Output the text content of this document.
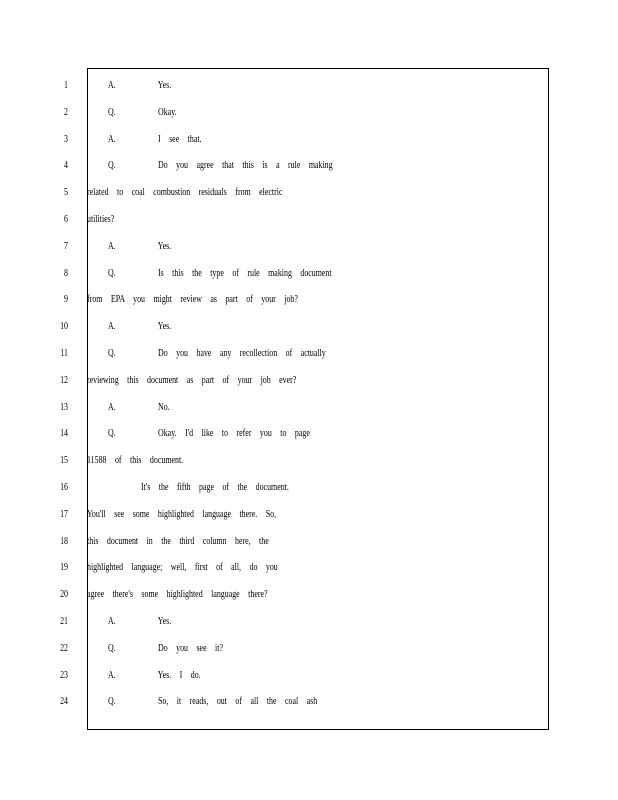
1	A.     Yes.
2	Q.     Okay.
3	A.     I see that.
4	Q.     Do you agree that this is a rule making
5 related to coal combustion residuals from electric
6 utilities?
7	A.     Yes.
8	Q.     Is this the type of rule making document
9 from EPA you might review as part of your job?
10	A.     Yes.
11	Q.     Do you have any recollection of actually
12 reviewing this document as part of your job ever?
13	A.     No.
14	Q.     Okay. I'd like to refer you to page
15 11588 of this document.
16	It's the fifth page of the document.
17 You'll see some highlighted language there. So,
18 this document in the third column here, the
19 highlighted language; well, first of all, do you
20 agree there's some highlighted language there?
21	A.     Yes.
22	Q.     Do you see it?
23	A.     Yes. I do.
24	Q.     So, it reads, out of all the coal ash
